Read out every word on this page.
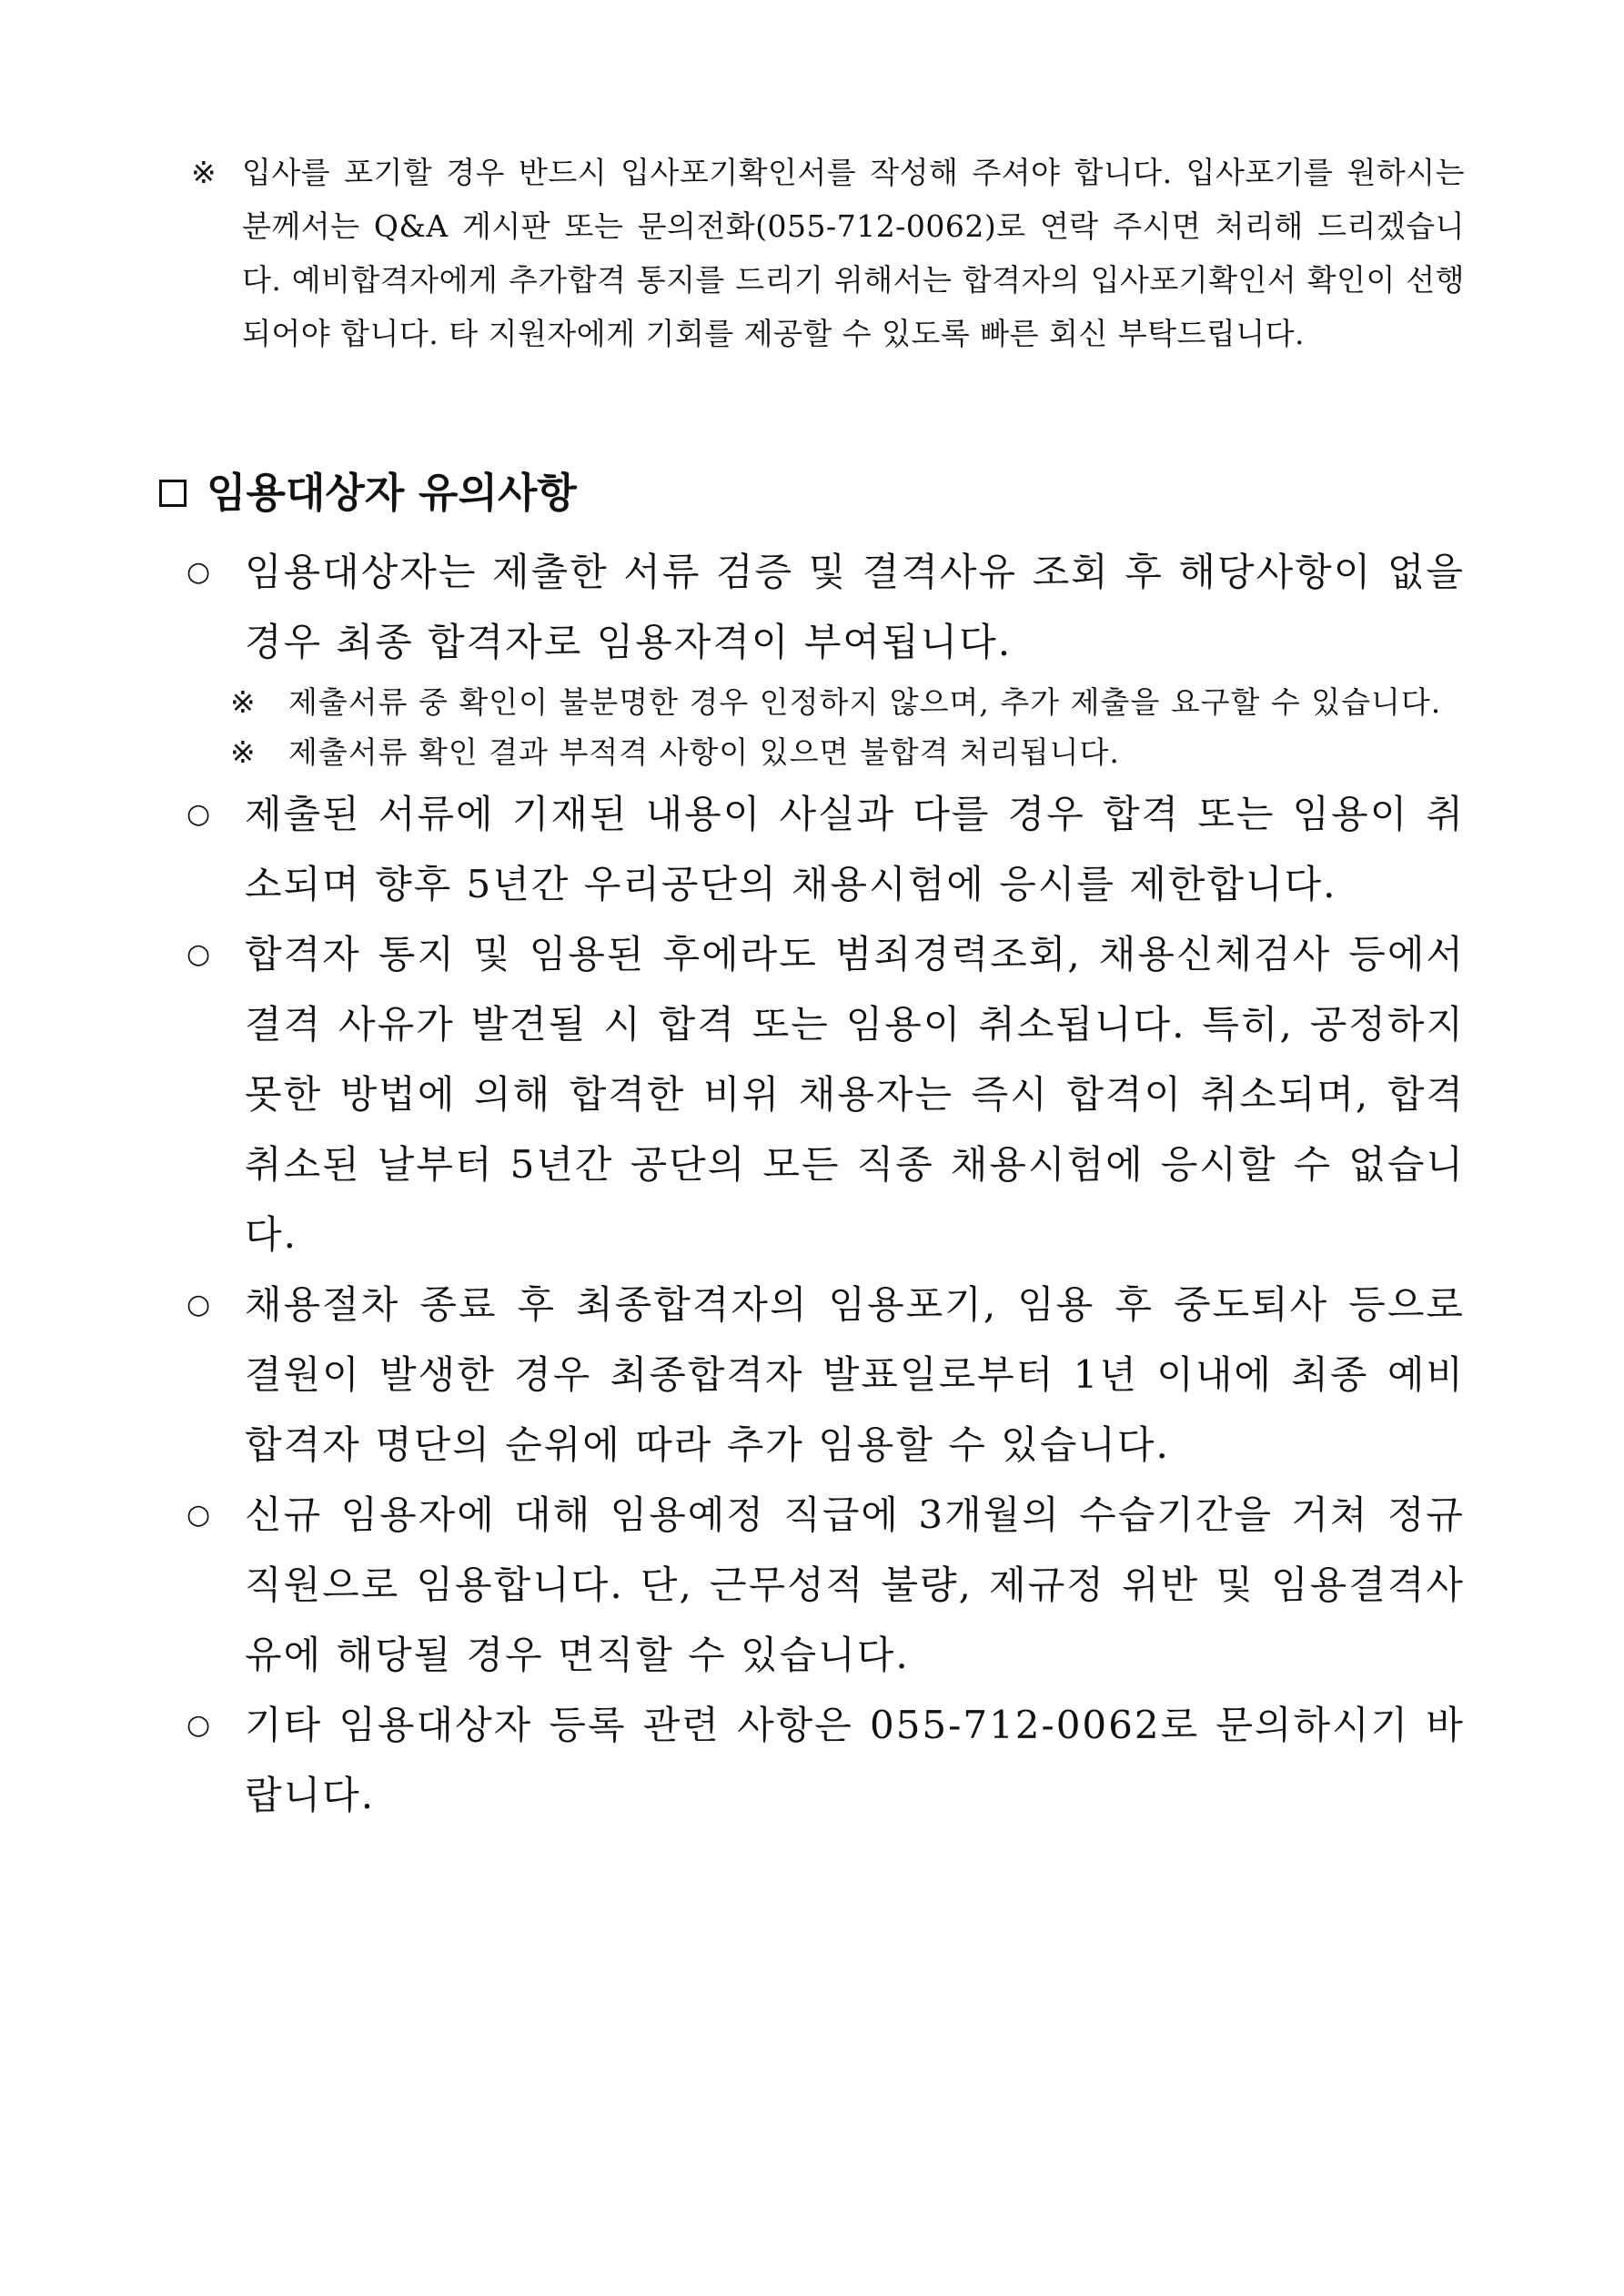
※ 입사를 포기할 경우 반드시 입사포기확인서를 작성해 주셔야 합니다. 입사포기를 원하시는 분께서는 Q&A 게시판 또는 문의전화(055-712-0062)로 연락 주시면 처리해 드리겠습니다. 예비합격자에게 추가합격 통지를 드리기 위해서는 합격자의 입사포기확인서 확인이 선행되어야 합니다. 타 지원자에게 기회를 제공할 수 있도록 빠른 회신 부탁드립니다.
임용대상자 유의사항
○ 임용대상자는 제출한 서류 검증 및 결격사유 조회 후 해당사항이 없을 경우 최종 합격자로 임용자격이 부여됩니다.
※	제출서류 중 확인이 불분명한 경우 인정하지 않으며, 추가 제출을 요구할 수 있습니다.
※	제출서류 확인 결과 부적격 사항이 있으면 불합격 처리됩니다.
○ 제출된 서류에 기재된 내용이 사실과 다를 경우 합격 또는 임용이 취소되며 향후 5년간 우리공단의 채용시험에 응시를 제한합니다.
○ 합격자 통지 및 임용된 후에라도 범죄경력조회, 채용신체검사 등에서 결격 사유가 발견될 시 합격 또는 임용이 취소됩니다. 특히, 공정하지 못한 방법에 의해 합격한 비위 채용자는 즉시 합격이 취소되며, 합격 취소된 날부터 5년간 공단의 모든 직종 채용시험에 응시할 수 없습니다.
○ 채용절차 종료 후 최종합격자의 임용포기, 임용 후 중도퇴사 등으로 결원이 발생한 경우 최종합격자 발표일로부터 1년 이내에 최종 예비합격자 명단의 순위에 따라 추가 임용할 수 있습니다.
○ 신규 임용자에 대해 임용예정 직급에 3개월의 수습기간을 거쳐 정규직원으로 임용합니다. 단, 근무성적 불량, 제규정 위반 및 임용결격사유에 해당될 경우 면직할 수 있습니다.
○ 기타 임용대상자 등록 관련 사항은 055-712-0062로 문의하시기 바랍니다.
